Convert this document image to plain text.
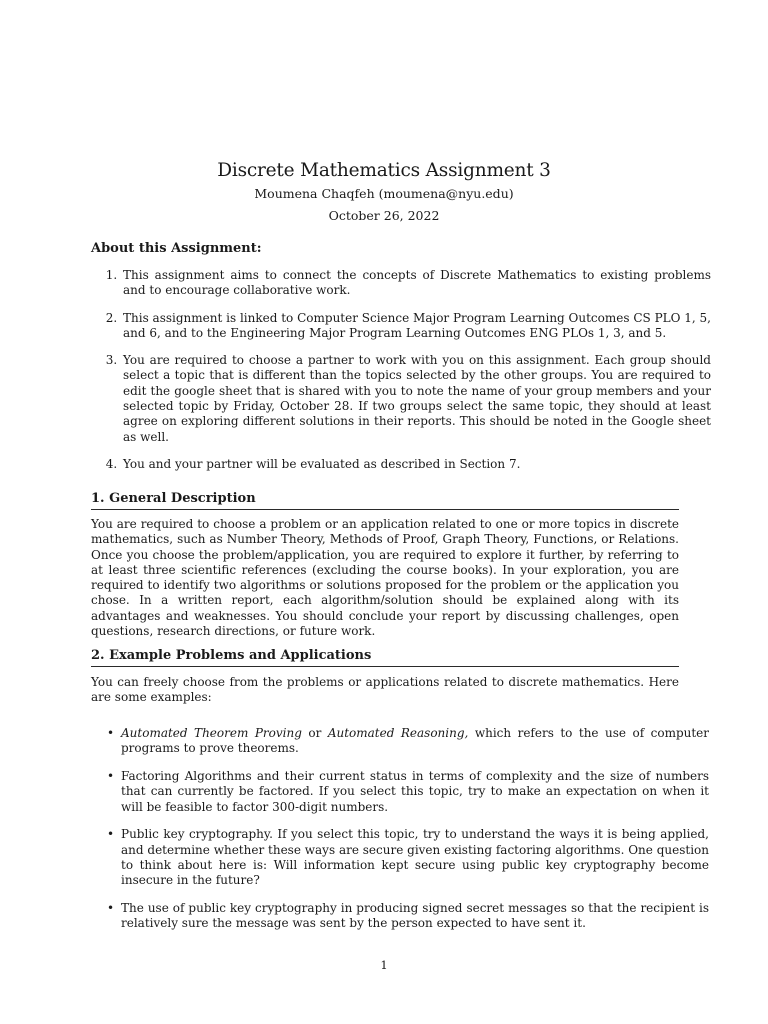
Discrete Mathematics Assignment 3
Moumena Chaqfeh (moumena@nyu.edu)
October 26, 2022
About this Assignment:
1. This assignment aims to connect the concepts of Discrete Mathematics to existing problems and to encourage collaborative work.
2. This assignment is linked to Computer Science Major Program Learning Outcomes CS PLO 1, 5, and 6, and to the Engineering Major Program Learning Outcomes ENG PLOs 1, 3, and 5.
3. You are required to choose a partner to work with you on this assignment. Each group should select a topic that is different than the topics selected by the other groups. You are required to edit the google sheet that is shared with you to note the name of your group members and your selected topic by Friday, October 28. If two groups select the same topic, they should at least agree on exploring different solutions in their reports. This should be noted in the Google sheet as well.
4. You and your partner will be evaluated as described in Section 7.
1. General Description

You are required to choose a problem or an application related to one or more topics in discrete mathematics, such as Number Theory, Methods of Proof, Graph Theory, Functions, or Relations. Once you choose the problem/application, you are required to explore it further, by referring to at least three scientific references (excluding the course books). In your exploration, you are required to identify two algorithms or solutions proposed for the problem or the application you chose. In a written report, each algorithm/solution should be explained along with its advantages and weaknesses. You should conclude your report by discussing challenges, open questions, research directions, or future work.

2. Example Problems and Applications

You can freely choose from the problems or applications related to discrete mathematics. Here are some examples:

• Automated Theorem Proving or Automated Reasoning, which refers to the use of computer programs to prove theorems.
• Factoring Algorithms and their current status in terms of complexity and the size of numbers that can currently be factored. If you select this topic, try to make an expectation on when it will be feasible to factor 300-digit numbers.
• Public key cryptography. If you select this topic, try to understand the ways it is being applied, and determine whether these ways are secure given existing factoring algorithms. One question to think about here is: Will information kept secure using public key cryptography become insecure in the future?
• The use of public key cryptography in producing signed secret messages so that the recipient is relatively sure the message was sent by the person expected to have sent it.
1
